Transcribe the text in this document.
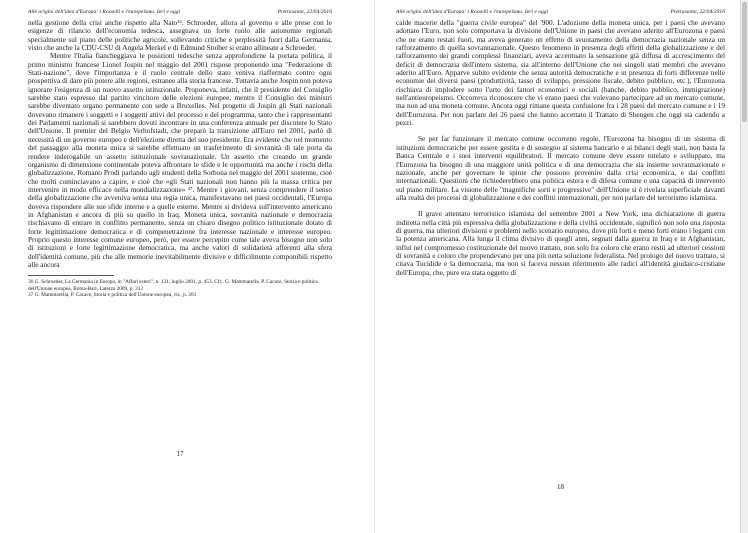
Alle origini dell'idea d'Europa: i Rosselli e l'europeismo. Ieri e oggi	Pietrasanta, 22/04/2016

nella gestione della crisi anche rispetto alla Nato³⁶. Schroeder, allora al governo e alle prese con le esigenze di rilancio dell'economia tedesca, assegnava un forte ruolo alle autonomie regionali specialmente sul piano delle politiche agricole, sollevando critiche e perplessità fuori dalla Germania, visto che anche la CDU-CSU di Angela Merkel e di Edmund Stoiber si erano allineate a Schroeder.

Mentre l'Italia fiancheggiava le posizioni tedesche senza approfondirne la portata politica, il primo ministro francese Lionel Jospin nel maggio del 2001 rispose proponendo una "Federazione di Stati-nazione", dove l'importanza e il ruolo centrale dello stato veniva riaffermato contro ogni prospettiva di dare più potere alle regioni, estranee alla storia francese. Tuttavia anche Jospin non poteva ignorare l'esigenza di un nuovo assetto istituzionale. Proponeva, infatti, che il presidente del Consiglio sarebbe stato espresso dal partito vincitore delle elezioni europee, mentre il Consiglio dei ministri sarebbe diventato organo permanente con sede a Bruxelles. Nel progetto di Jospin gli Stati nazionali dovevano rimanere i soggetti e i soggetti attivi del processo e del programma, tanto che i rappresentanti dei Parlamenti nazionali si sarebbero dovuti incontrare in una conferenza annuale per discutere lo Stato dell'Unione. Il premier del Belgio Verhofstadt, che preparò la transizione all'Euro nel 2001, parlò di necessità di un governo europeo e dell'elezione diretta del suo presidente. Era evidente che nel momento del passaggio alla moneta unica si sarebbe effettuato un trasferimento di sovranità di tale porta da rendere inderogabile un assetto istituzionale sovranazionale. Un assetto che creando un grande organismo di dimensione continentale poteva affrontare le sfide e le opportunità ma anche i rischi della globalizzazione. Romano Prodi parlando agli studenti della Sorbona nel maggio del 2001 sostenne, cioè che molti cominciavano a capire, e cioè che «gli Stati nazionali non hanno più la massa critica per intervenire in modo efficace nella mondializzazione» ³⁷. Mentre i giovani, senza comprendere il senso della globalizzazione che avveniva senza una regia unica, manifestavano nei paesi occidentali, l'Europa doveva rispondere alle sue sfide interne e a quelle esterne. Mentre si divideva sull'intervento americano in Afghanistan e ancora di più su quello in Iraq. Moneta unica, sovranità nazionale e democrazia rischiavano di entrare in conflitto permanente, senza un chiaro disegno politico istituzionale dotato di forte legittimazione democratica e di compenetrazione fra interesse nazionale e interesse europeo. Proprio questo interesse comune europeo, però, per essere percepito come tale aveva bisogno non solo di istituzioni e forte legittimazione democratica, ma anche valori di solidarietà afferenti alla sfera dell'identità comune, più che alle memorie inevitabilmente divisive e difficilmente componibili rispetto alle ancora

36 G. Schroeder, La Germania in Europa, in "Affari esteri", n. 131, luglio 2001, p. 453. Cfr., G. Mammarella, P. Cacace, Storia e politica dell'Unione europea, Roma-Bari, Laterza 2009, p. 312
37 G. Mammarella, P. Cacace, Storia e politica dell'Unione europea, cit., p. 201
17
Alle origini dell'idea d'Europa: i Rosselli e l'europeismo. Ieri e oggi	Pietrasanta, 22/04/2016

calde macerie della "guerra civile europea" del '900. L'adozione della moneta unica, per i paesi che avevano adottato l'Euro, non solo comportava la divisione dell'Unione in paesi che avevano aderito all'Eurozona e paesi che ne erano restati fuori, ma aveva generato un effetto di svuotamento della democrazia nazionale senza un rafforzamento di quella sovrannazionale. Questo fenomeno in presenza degli effetti della globalizzazione e del rafforzamento dei grandi complessi finanziari, aveva accentuato la sensazione già diffusa di accrescimento del deficit di democrazia dell'intero sistema, sia all'interno dell'Unione che nei singoli stati membri che avevano aderito all'Euro. Apparve subito evidente che senza autorità democratiche e in presenza di forti differenze nelle economie dei diversi paesi (produttività, tasso di sviluppo, pressione fiscale, debito pubblico, etc.), l'Eurozona rischiava di implodere sotto l'urto dei fattori economici e sociali (banche, debito pubblico, immigrazione) nell'antieuropeismo. Occorreva riconoscere che vi erano paesi che volevano partecipare ad un mercato comune, ma non ad una moneta comune. Ancora oggi rimane questa confusione fra i 28 paesi del mercato comune e i 19 dell'Eurozona. Per non parlare dei 26 paesi che hanno accettato il Trattato di Shengen che oggi sta cadendo a pezzi.

Se per far funzionare il mercato comune occorreno regole, l'Eurozona ha bisogno di un sistema di istituzioni democratiche per essere gestita e di sostegno al sistema bancario e ai bilanci degli stati, non basta la Banca Centrale e i suoi interventi equilibratori. Il mercato comune deve essere tutelato e sviluppato, ma l'Eurozona ha bisogno di una maggiore unità politica e di una democrazia che sia insieme sovrannazionale e nazionale, anche per governare le spinte che possono provenire dalla crisi economica, e dai conflitti internazionali. Questioni che richiederebbero una politica estera e di difesa comune e una capacità di intervento sul piano militare. La visione delle "magnifiche sorti e progressive" dell'Unione si è rivelata superficiale davanti alla realtà dei processi di globalizzazione e dei conflitti internazionali, per non parlare del terrorismo islamista.

Il grave attentato terroristico islamista del settembre 2001 a New York, una dichiarazione di guerra indiretta nella città più espressiva della globalizzazione e della civiltà occidentale, significò non solo una risposta di guerra, ma ulteriori divisioni e problemi nello scenario europeo, dove più forti e meno forti erano i legami con la potenza americana. Alla lunga il clima divisivo di quegli anni, segnati dalla guerra in Iraq e in Afghanistan, influì nel compromesso costituzionale del nuovo trattato, non solo fra coloro che erano restii ad ulteriori cessioni di sovranità e coloro che propendevano per una più netta soluzione federalista. Nel prologo del nuovo trattato, si citava Tucidide e la democrazia, ma non si faceva nessun riferimento alle radici all'identità giudaico-cristiane dell'Europa, che, pure era stata oggetto di

18
